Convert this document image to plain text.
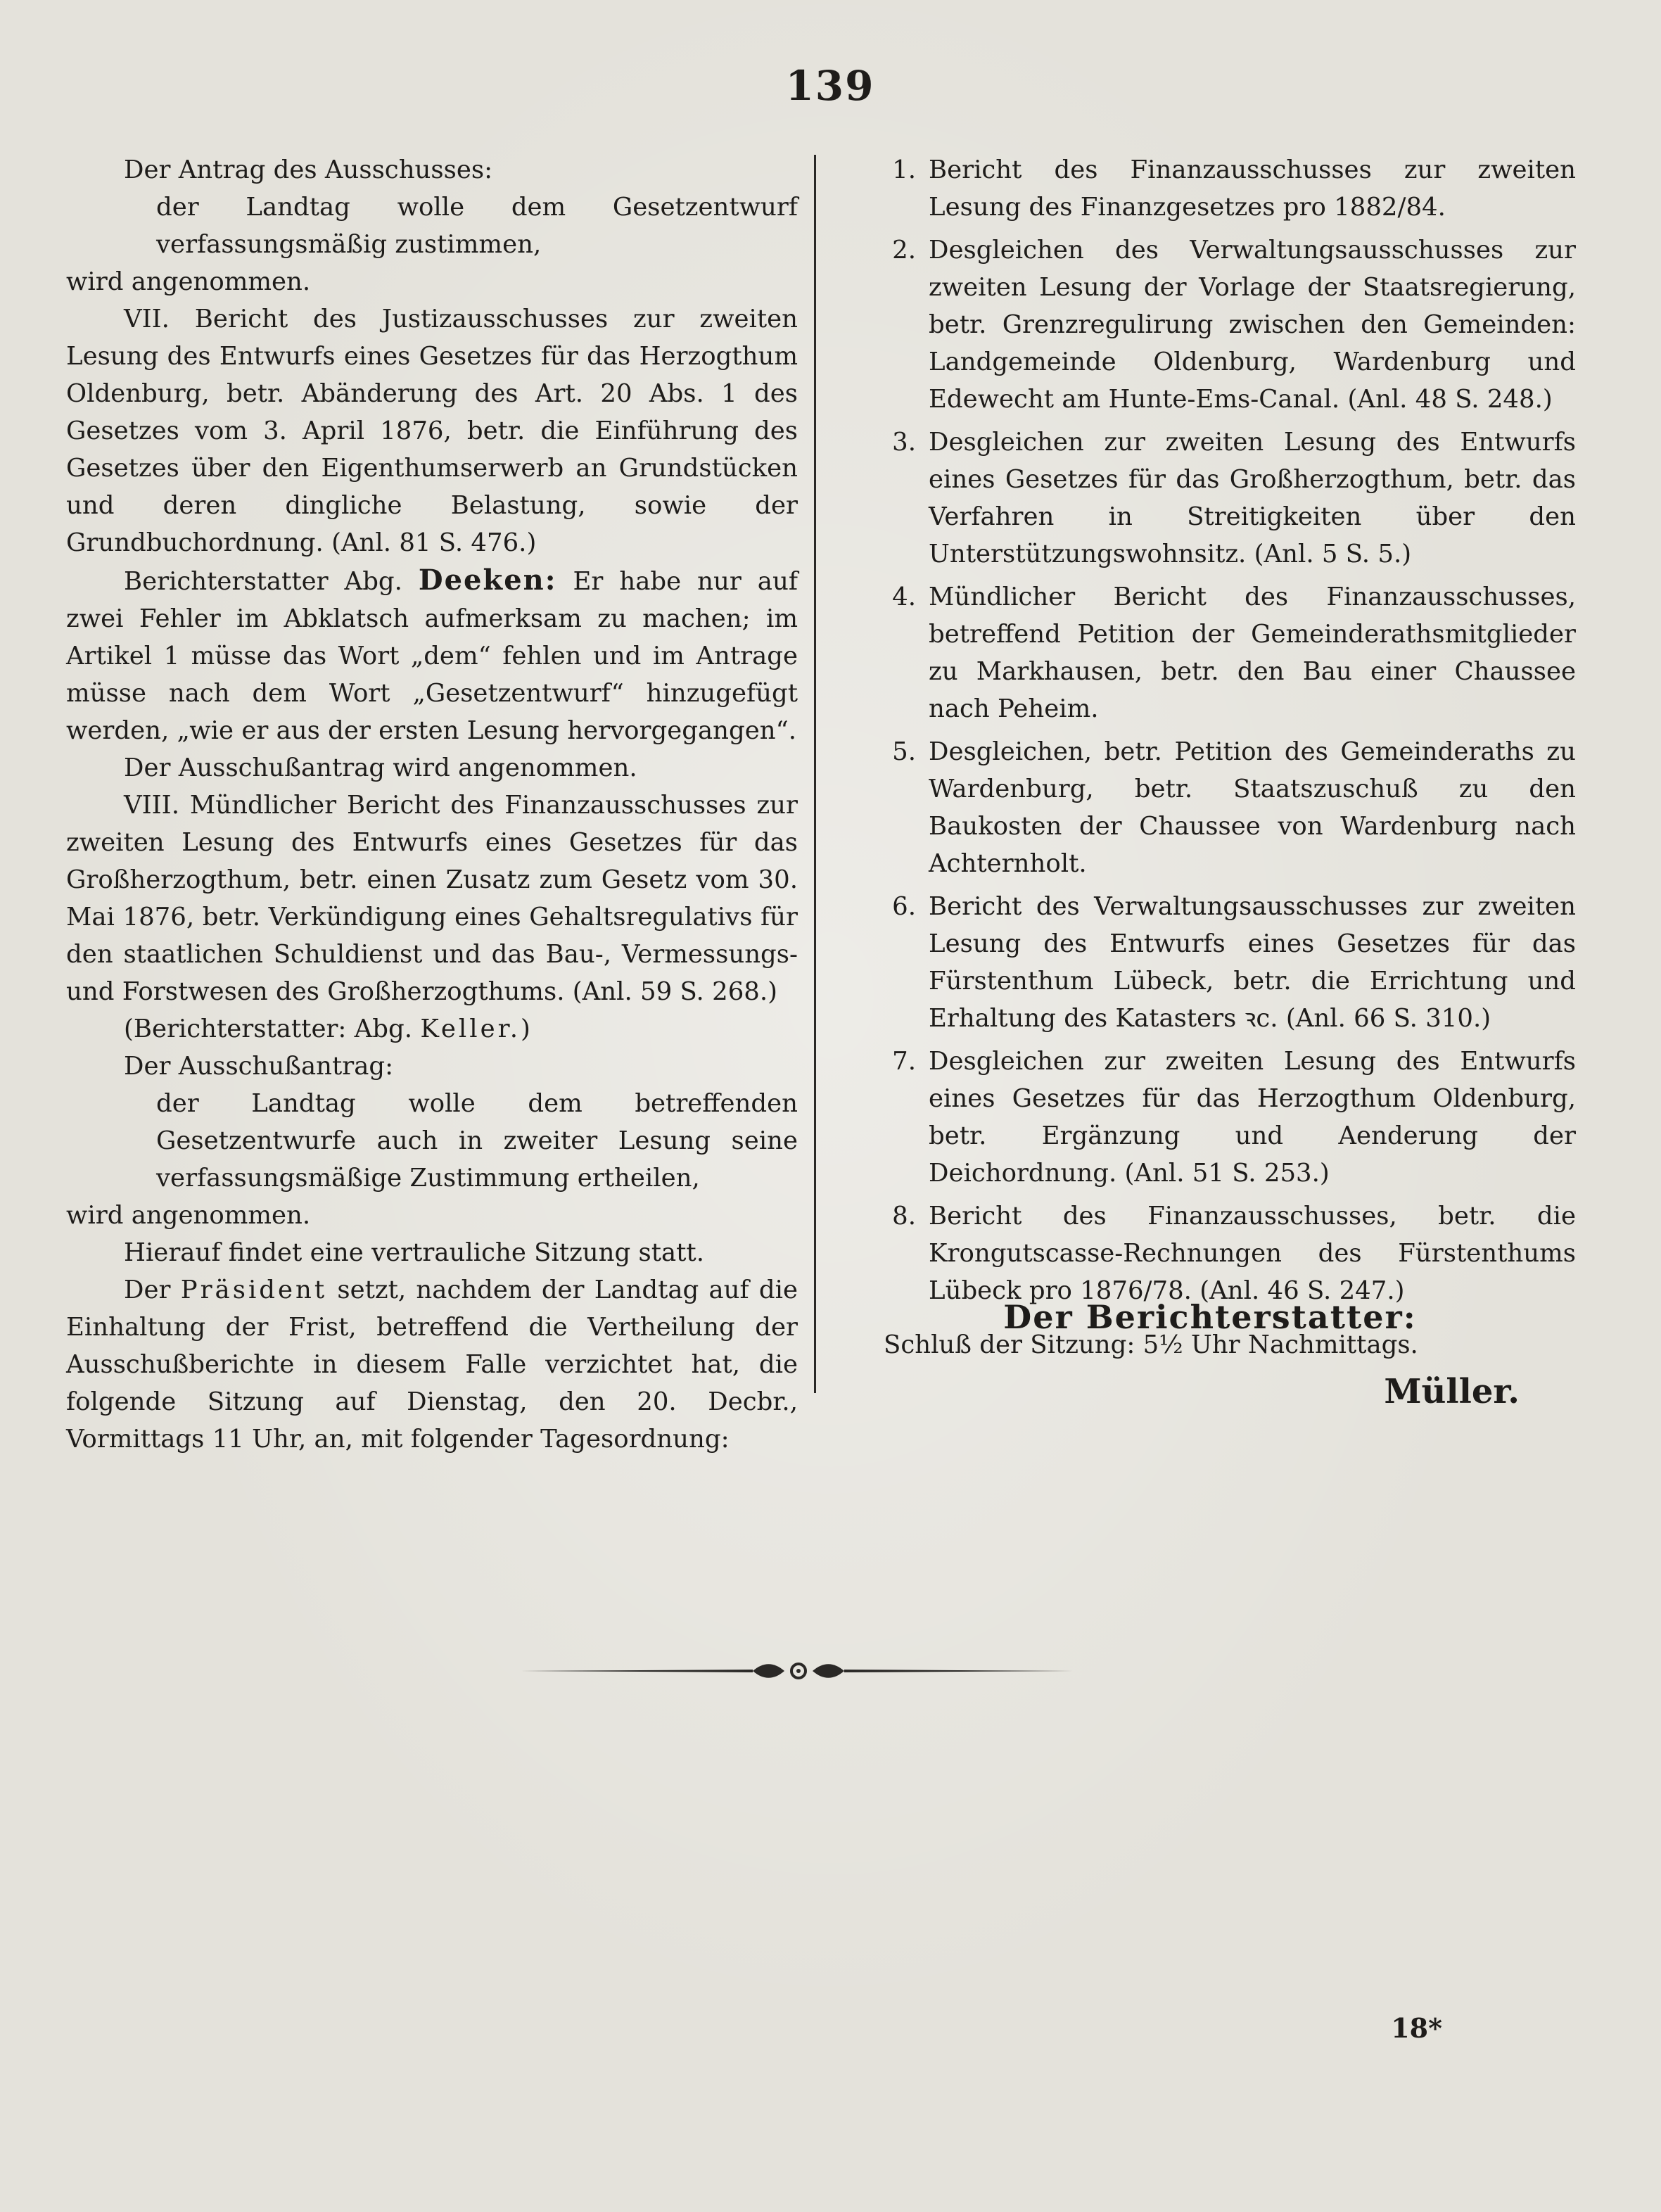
139

Der Antrag des Ausschusses:

der Landtag wolle dem Gesetzentwurf verfassungsmäßig zustimmen,

wird angenommen.

VII. Bericht des Justizausschusses zur zweiten Lesung des Entwurfs eines Gesetzes für das Herzogthum Oldenburg, betr. Abänderung des Art. 20 Abs. 1 des Gesetzes vom 3. April 1876, betr. die Einführung des Gesetzes über den Eigenthumserwerb an Grundstücken und deren dingliche Belastung, sowie der Grundbuchordnung. (Anl. 81 S. 476.)

Berichterstatter Abg. Deeken: Er habe nur auf zwei Fehler im Abklatsch aufmerksam zu machen; im Artikel 1 müsse das Wort „dem“ fehlen und im Antrage müsse nach dem Wort „Gesetzentwurf“ hinzugefügt werden, „wie er aus der ersten Lesung hervorgegangen“.

Der Ausschußantrag wird angenommen.

VIII. Mündlicher Bericht des Finanzausschusses zur zweiten Lesung des Entwurfs eines Gesetzes für das Großherzogthum, betr. einen Zusatz zum Gesetz vom 30. Mai 1876, betr. Verkündigung eines Gehaltsregulativs für den staatlichen Schuldienst und das Bau-, Vermessungs- und Forstwesen des Großherzogthums. (Anl. 59 S. 268.)

(Berichterstatter: Abg. Keller.)

Der Ausschußantrag:

der Landtag wolle dem betreffenden Gesetzentwurfe auch in zweiter Lesung seine verfassungsmäßige Zustimmung ertheilen,

wird angenommen.

Hierauf findet eine vertrauliche Sitzung statt.

Der Präsident setzt, nachdem der Landtag auf die Einhaltung der Frist, betreffend die Vertheilung der Ausschußberichte in diesem Falle verzichtet hat, die folgende Sitzung auf Dienstag, den 20. Decbr., Vormittags 11 Uhr, an, mit folgender Tagesordnung:

1. Bericht des Finanzausschusses zur zweiten Lesung des Finanzgesetzes pro 1882/84.
2. Desgleichen des Verwaltungsausschusses zur zweiten Lesung der Vorlage der Staatsregierung, betr. Grenzregulirung zwischen den Gemeinden: Landgemeinde Oldenburg, Wardenburg und Edewecht am Hunte-Ems-Canal. (Anl. 48 S. 248.)
3. Desgleichen zur zweiten Lesung des Entwurfs eines Gesetzes für das Großherzogthum, betr. das Verfahren in Streitigkeiten über den Unterstützungswohnsitz. (Anl. 5 S. 5.)
4. Mündlicher Bericht des Finanzausschusses, betreffend Petition der Gemeinderathsmitglieder zu Markhausen, betr. den Bau einer Chaussee nach Peheim.
5. Desgleichen, betr. Petition des Gemeinderaths zu Wardenburg, betr. Staatszuschuß zu den Baukosten der Chaussee von Wardenburg nach Achternholt.
6. Bericht des Verwaltungsausschusses zur zweiten Lesung des Entwurfs eines Gesetzes für das Fürstenthum Lübeck, betr. die Errichtung und Erhaltung des Katasters ꝛc. (Anl. 66 S. 310.)
7. Desgleichen zur zweiten Lesung des Entwurfs eines Gesetzes für das Herzogthum Oldenburg, betr. Ergänzung und Aenderung der Deichordnung. (Anl. 51 S. 253.)
8. Bericht des Finanzausschusses, betr. die Krongutscasse-Rechnungen des Fürstenthums Lübeck pro 1876/78. (Anl. 46 S. 247.)

Schluß der Sitzung: 5½ Uhr Nachmittags.

Der Berichterstatter:
Müller.
18*
